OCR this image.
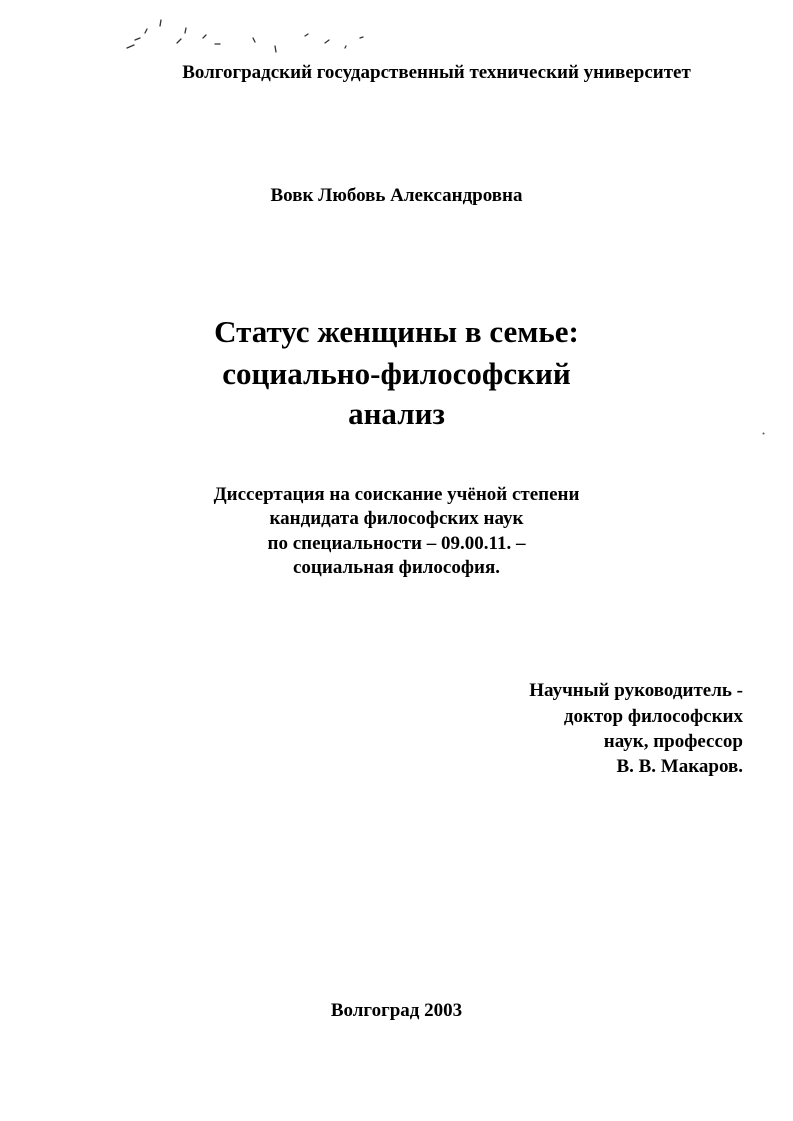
Волгоградский государственный технический университет
Вовк Любовь Александровна
Статус женщины в семье:
социально-философский
анализ
Диссертация на соискание учёной степени
кандидата философских наук
по специальности – 09.00.11. –
социальная философия.
Научный руководитель -
доктор философских
наук, профессор
В. В. Макаров.
Волгоград 2003
